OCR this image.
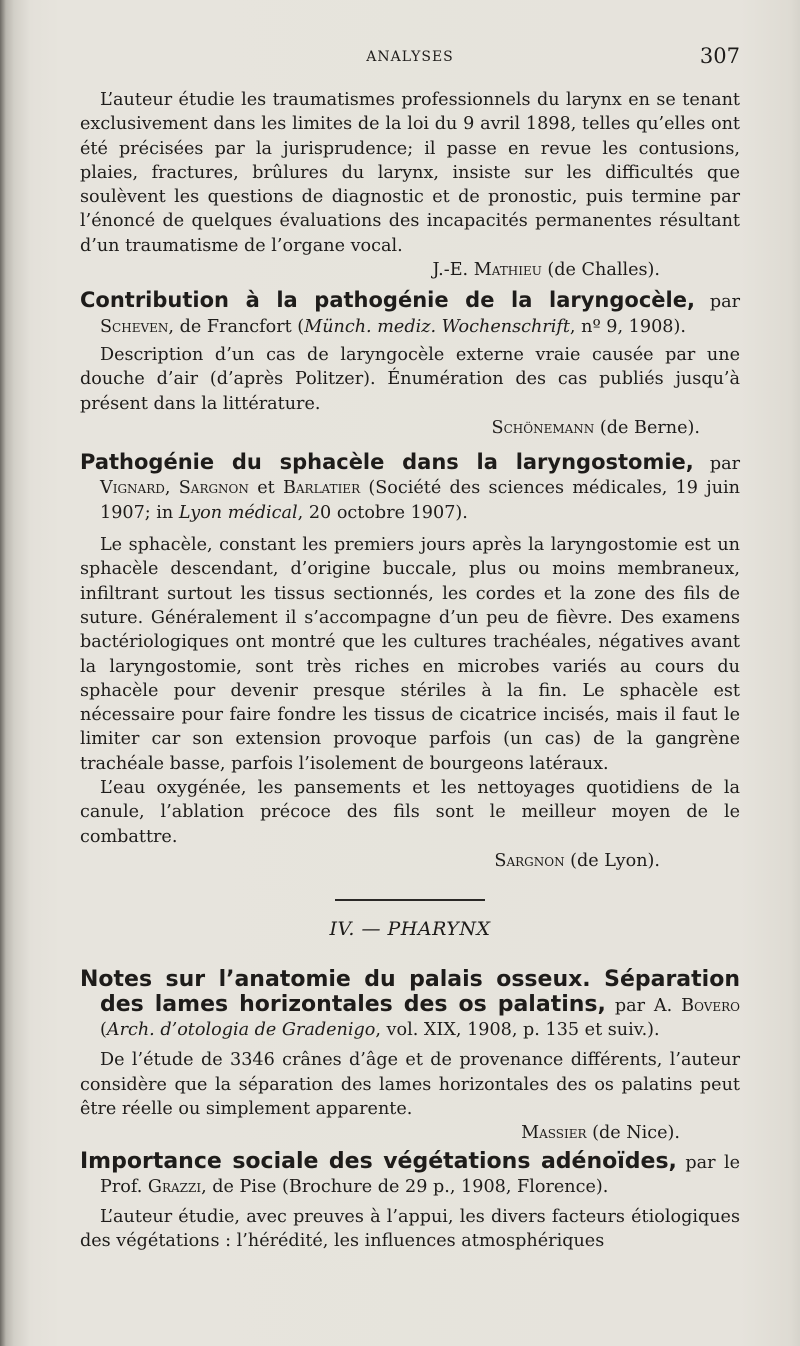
ANALYSES	307

L’auteur étudie les traumatismes professionnels du larynx en se tenant exclusivement dans les limites de la loi du 9 avril 1898, telles qu’elles ont été précisées par la jurisprudence; il passe en revue les contusions, plaies, fractures, brûlures du larynx, insiste sur les difficultés que soulèvent les questions de diagnostic et de pronostic, puis termine par l’énoncé de quelques évaluations des incapacités permanentes résultant d’un traumatisme de l’organe vocal.

J.-E. Mathieu (de Challes).

Contribution à la pathogénie de la laryngocèle, par Scheven, de Francfort (Münch. mediz. Wochenschrift, nº 9, 1908).

Description d’un cas de laryngocèle externe vraie causée par une douche d’air (d’après Politzer). Énumération des cas publiés jusqu’à présent dans la littérature.

Schönemann (de Berne).

Pathogénie du sphacèle dans la laryngostomie, par Vignard, Sargnon et Barlatier (Société des sciences médicales, 19 juin 1907; in Lyon médical, 20 octobre 1907).

Le sphacèle, constant les premiers jours après la laryngostomie est un sphacèle descendant, d’origine buccale, plus ou moins membraneux, infiltrant surtout les tissus sectionnés, les cordes et la zone des fils de suture. Généralement il s’accompagne d’un peu de fièvre. Des examens bactériologiques ont montré que les cultures trachéales, négatives avant la laryngostomie, sont très riches en microbes variés au cours du sphacèle pour devenir presque stériles à la fin. Le sphacèle est nécessaire pour faire fondre les tissus de cicatrice incisés, mais il faut le limiter car son extension provoque parfois (un cas) de la gangrène trachéale basse, parfois l’isolement de bourgeons latéraux.

L’eau oxygénée, les pansements et les nettoyages quotidiens de la canule, l’ablation précoce des fils sont le meilleur moyen de le combattre.

Sargnon (de Lyon).

IV. — PHARYNX

Notes sur l’anatomie du palais osseux. Séparation des lames horizontales des os palatins, par A. Bovero (Arch. d’otologia de Gradenigo, vol. XIX, 1908, p. 135 et suiv.).

De l’étude de 3346 crânes d’âge et de provenance différents, l’auteur considère que la séparation des lames horizontales des os palatins peut être réelle ou simplement apparente.

Massier (de Nice).

Importance sociale des végétations adénoïdes, par le Prof. Grazzi, de Pise (Brochure de 29 p., 1908, Florence).

L’auteur étudie, avec preuves à l’appui, les divers facteurs étiologiques des végétations : l’hérédité, les influences atmosphériques
